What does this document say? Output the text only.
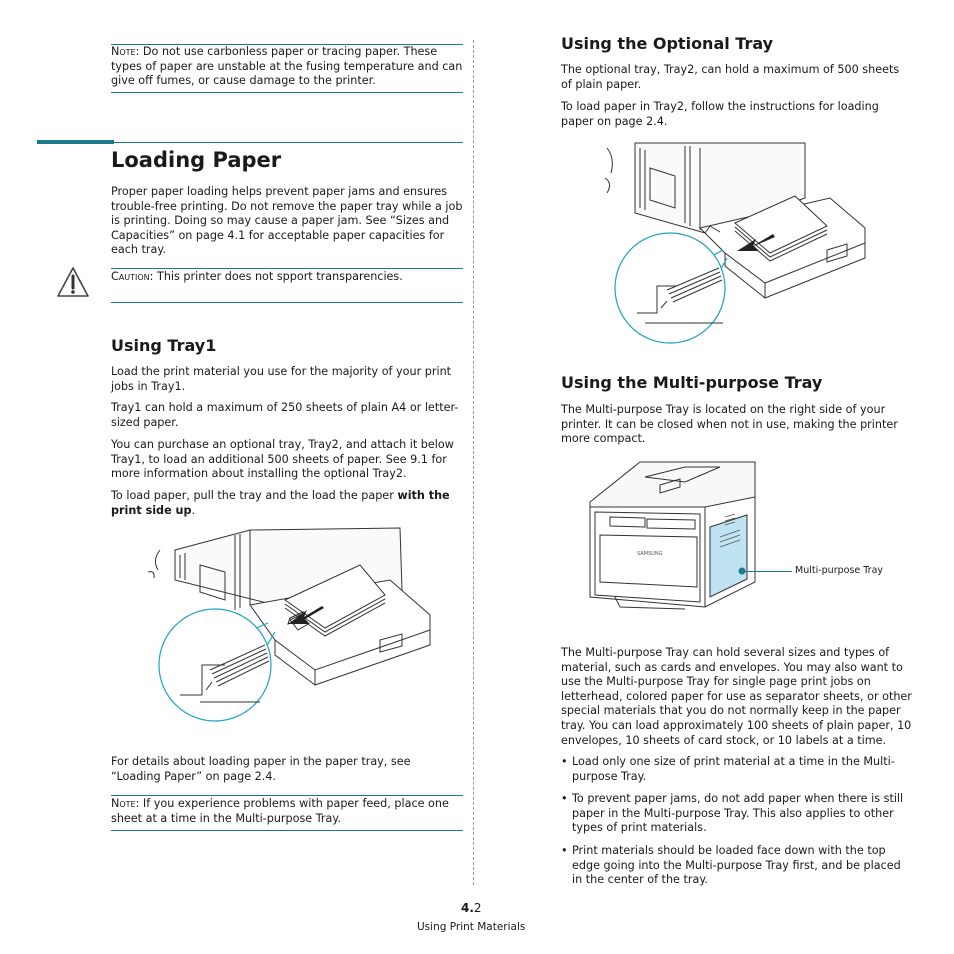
Note: Do not use carbonless paper or tracing paper. These types of paper are unstable at the fusing temperature and can give off fumes, or cause damage to the printer.

Loading Paper

Proper paper loading helps prevent paper jams and ensures trouble-free printing. Do not remove the paper tray while a job is printing. Doing so may cause a paper jam. See “Sizes and Capacities” on page 4.1 for acceptable paper capacities for each tray.

Caution: This printer does not spport transparencies.

Using Tray1

Load the print material you use for the majority of your print jobs in Tray1.

Tray1 can hold a maximum of 250 sheets of plain A4 or letter-sized paper.

You can purchase an optional tray, Tray2, and attach it below Tray1, to load an additional 500 sheets of paper. See 9.1 for more information about installing the optional Tray2.

To load paper, pull the tray and the load the paper with the print side up.

For details about loading paper in the paper tray, see “Loading Paper” on page 2.4.

Note: If you experience problems with paper feed, place one sheet at a time in the Multi-purpose Tray.

Using the Optional Tray

The optional tray, Tray2, can hold a maximum of 500 sheets of plain paper.

To load paper in Tray2, follow the instructions for loading paper on page 2.4.

Using the Multi-purpose Tray

The Multi-purpose Tray is located on the right side of your printer. It can be closed when not in use, making the printer more compact.

SAMSUNG
Multi-purpose Tray

The Multi-purpose Tray can hold several sizes and types of material, such as cards and envelopes. You may also want to use the Multi-purpose Tray for single page print jobs on letterhead, colored paper for use as separator sheets, or other special materials that you do not normally keep in the paper tray. You can load approximately 100 sheets of plain paper, 10 envelopes, 10 sheets of card stock, or 10 labels at a time.

• Load only one size of print material at a time in the Multi-purpose Tray.
• To prevent paper jams, do not add paper when there is still paper in the Multi-purpose Tray. This also applies to other types of print materials.
• Print materials should be loaded face down with the top edge going into the Multi-purpose Tray first, and be placed in the center of the tray.
4.2
Using Print Materials
